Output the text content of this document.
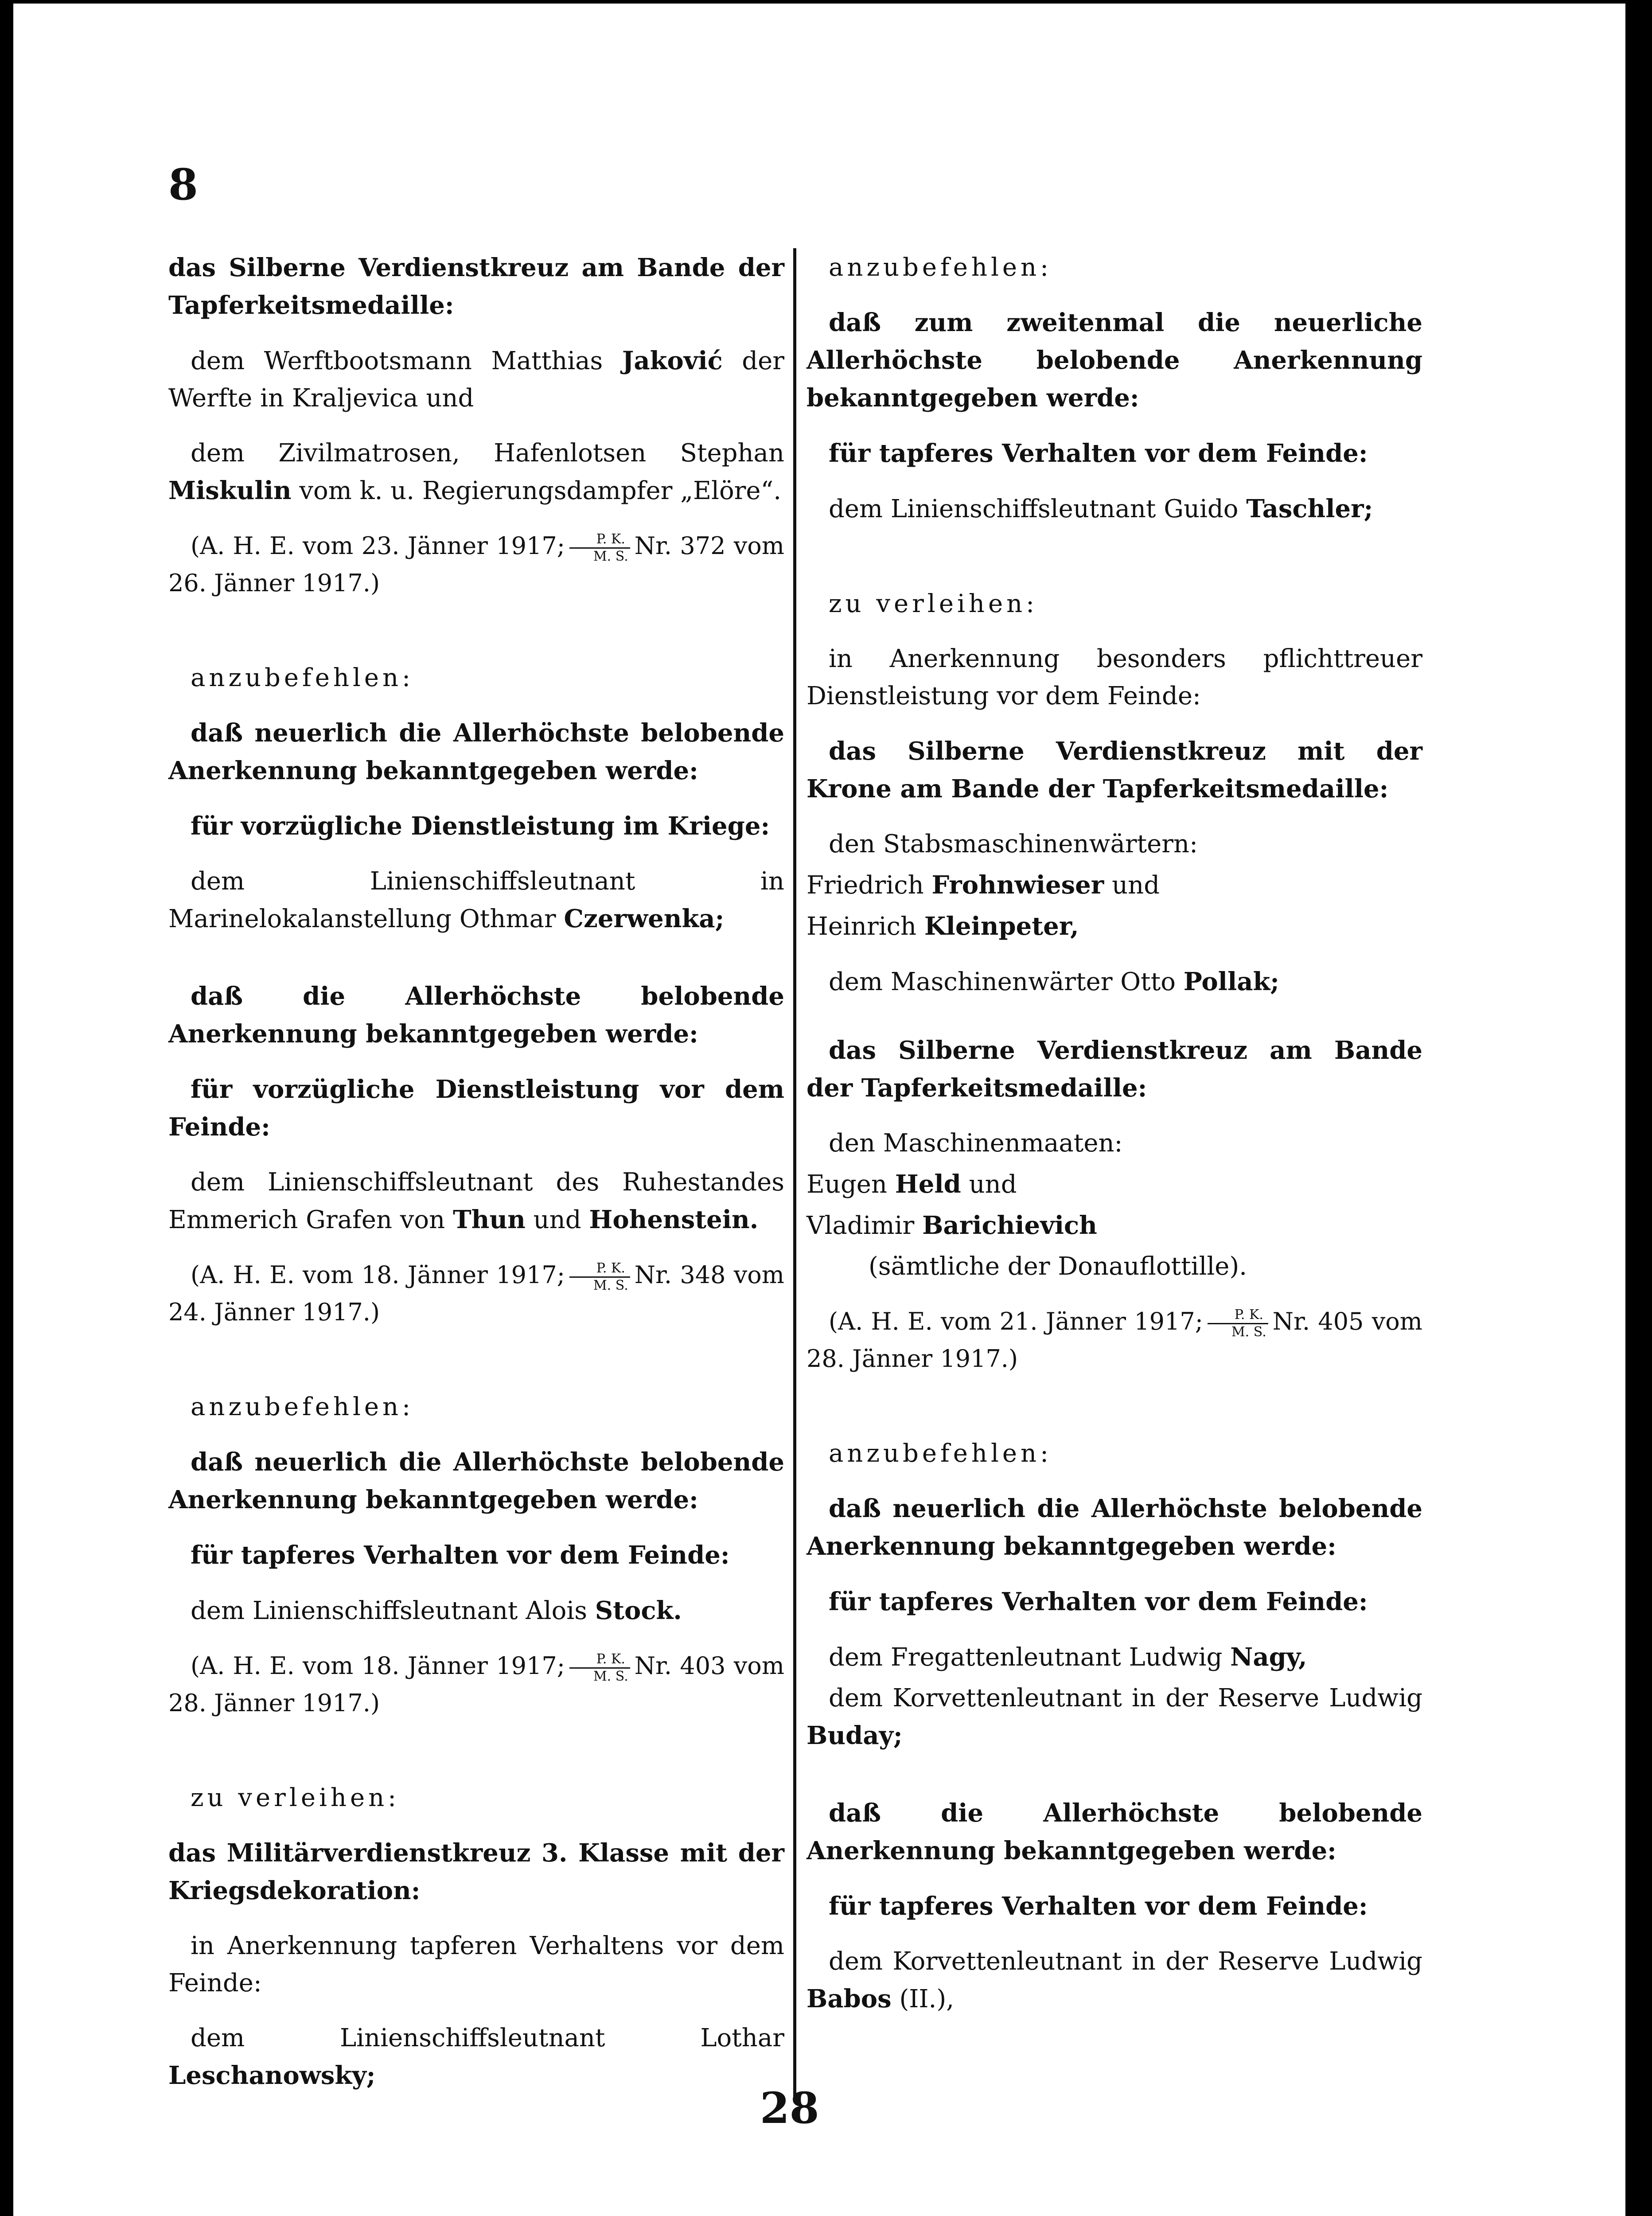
8

das Silberne Verdienstkreuz am Bande der Tapferkeitsmedaille:

dem Werftbootsmann Matthias Jaković der Werfte in Kraljevica und

dem Zivilmatrosen, Hafenlotsen Stephan Miskulin vom k. u. Regierungsdampfer „Elöre“.

(A. H. E. vom 23. Jänner 1917; $\frac{P. K.}{M. S.} Nr$. 372 vom 26. Jänner 1917.)

anzubefehlen:

daß neuerlich die Allerhöchste belobende Anerkennung bekanntgegeben werde:

für vorzügliche Dienstleistung im Kriege:

dem Linienschiffsleutnant in Marinelokalanstellung Othmar Czerwenka;

daß die Allerhöchste belobende Anerkennung bekanntgegeben werde:

für vorzügliche Dienstleistung vor dem Feinde:

dem Linienschiffsleutnant des Ruhestandes Emmerich Grafen von Thun und Hohenstein.

(A. H. E. vom 18. Jänner 1917; $\frac{P. K.}{M. S.} Nr$. 348 vom 24. Jänner 1917.)

anzubefehlen:

daß neuerlich die Allerhöchste belobende Anerkennung bekanntgegeben werde:

für tapferes Verhalten vor dem Feinde:

dem Linienschiffsleutnant Alois Stock.

(A. H. E. vom 18. Jänner 1917; $\frac{P. K.}{M. S.} Nr$. 403 vom 28. Jänner 1917.)

zu verleihen:

das Militärverdienstkreuz 3. Klasse mit der Kriegsdekoration:

in Anerkennung tapferen Verhaltens vor dem Feinde:

dem Linienschiffsleutnant Lothar Leschanowsky;

anzubefehlen:

daß zum zweitenmal die neuerliche Allerhöchste belobende Anerkennung bekanntgegeben werde:

für tapferes Verhalten vor dem Feinde:

dem Linienschiffsleutnant Guido Taschler;

zu verleihen:

in Anerkennung besonders pflichttreuer Dienstleistung vor dem Feinde:

das Silberne Verdienstkreuz mit der Krone am Bande der Tapferkeitsmedaille:

den Stabsmaschinenwärtern:

Friedrich Frohnwieser und

Heinrich Kleinpeter,

dem Maschinenwärter Otto Pollak;

das Silberne Verdienstkreuz am Bande der Tapferkeitsmedaille:

den Maschinenmaaten:

Eugen Held und

Vladimir Barichievich

(sämtliche der Donauflottille).

(A. H. E. vom 21. Jänner 1917; $\frac{P. K.}{M. S.} Nr$. 405 vom 28. Jänner 1917.)

anzubefehlen:

daß neuerlich die Allerhöchste belobende Anerkennung bekanntgegeben werde:

für tapferes Verhalten vor dem Feinde:

dem Fregattenleutnant Ludwig Nagy,

dem Korvettenleutnant in der Reserve Ludwig Buday;

daß die Allerhöchste belobende Anerkennung bekanntgegeben werde:

für tapferes Verhalten vor dem Feinde:

dem Korvettenleutnant in der Reserve Ludwig Babos (II.),

28
